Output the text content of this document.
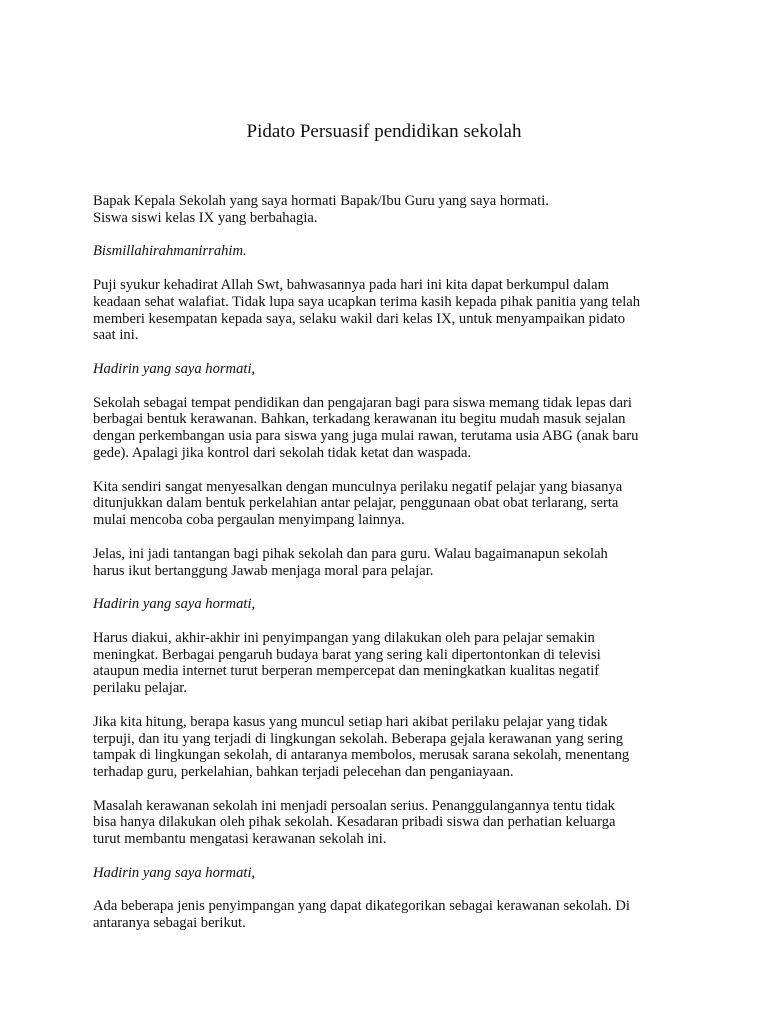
Pidato Persuasif pendidikan sekolah

Bapak Kepala Sekolah yang saya hormati Bapak/Ibu Guru yang saya hormati.
Siswa siswi kelas IX yang berbahagia.

Bismillahirahmanirrahim.

Puji syukur kehadirat Allah Swt, bahwasannya pada hari ini kita dapat berkumpul dalam
keadaan sehat walafiat. Tidak lupa saya ucapkan terima kasih kepada pihak panitia yang telah
memberi kesempatan kepada saya, selaku wakil dari kelas IX, untuk menyampaikan pidato
saat ini.

Hadirin yang saya hormati,

Sekolah sebagai tempat pendidikan dan pengajaran bagi para siswa memang tidak lepas dari
berbagai bentuk kerawanan. Bahkan, terkadang kerawanan itu begitu mudah masuk sejalan
dengan perkembangan usia para siswa yang juga mulai rawan, terutama usia ABG (anak baru
gede). Apalagi jika kontrol dari sekolah tidak ketat dan waspada.

Kita sendiri sangat menyesalkan dengan munculnya perilaku negatif pelajar yang biasanya
ditunjukkan dalam bentuk perkelahian antar pelajar, penggunaan obat obat terlarang, serta
mulai mencoba coba pergaulan menyimpang lainnya.

Jelas, ini jadi tantangan bagi pihak sekolah dan para guru. Walau bagaimanapun sekolah
harus ikut bertanggung Jawab menjaga moral para pelajar.

Hadirin yang saya hormati,

Harus diakui, akhir-akhir ini penyimpangan yang dilakukan oleh para pelajar semakin
meningkat. Berbagai pengaruh budaya barat yang sering kali dipertontonkan di televisi
ataupun media internet turut berperan mempercepat dan meningkatkan kualitas negatif
perilaku pelajar.

Jika kita hitung, berapa kasus yang muncul setiap hari akibat perilaku pelajar yang tidak
terpuji, dan itu yang terjadi di lingkungan sekolah. Beberapa gejala kerawanan yang sering
tampak di lingkungan sekolah, di antaranya membolos, merusak sarana sekolah, menentang
terhadap guru, perkelahian, bahkan terjadi pelecehan dan penganiayaan.

Masalah kerawanan sekolah ini menjadi persoalan serius. Penanggulangannya tentu tidak
bisa hanya dilakukan oleh pihak sekolah. Kesadaran pribadi siswa dan perhatian keluarga
turut membantu mengatasi kerawanan sekolah ini.

Hadirin yang saya hormati,

Ada beberapa jenis penyimpangan yang dapat dikategorikan sebagai kerawanan sekolah. Di
antaranya sebagai berikut.
